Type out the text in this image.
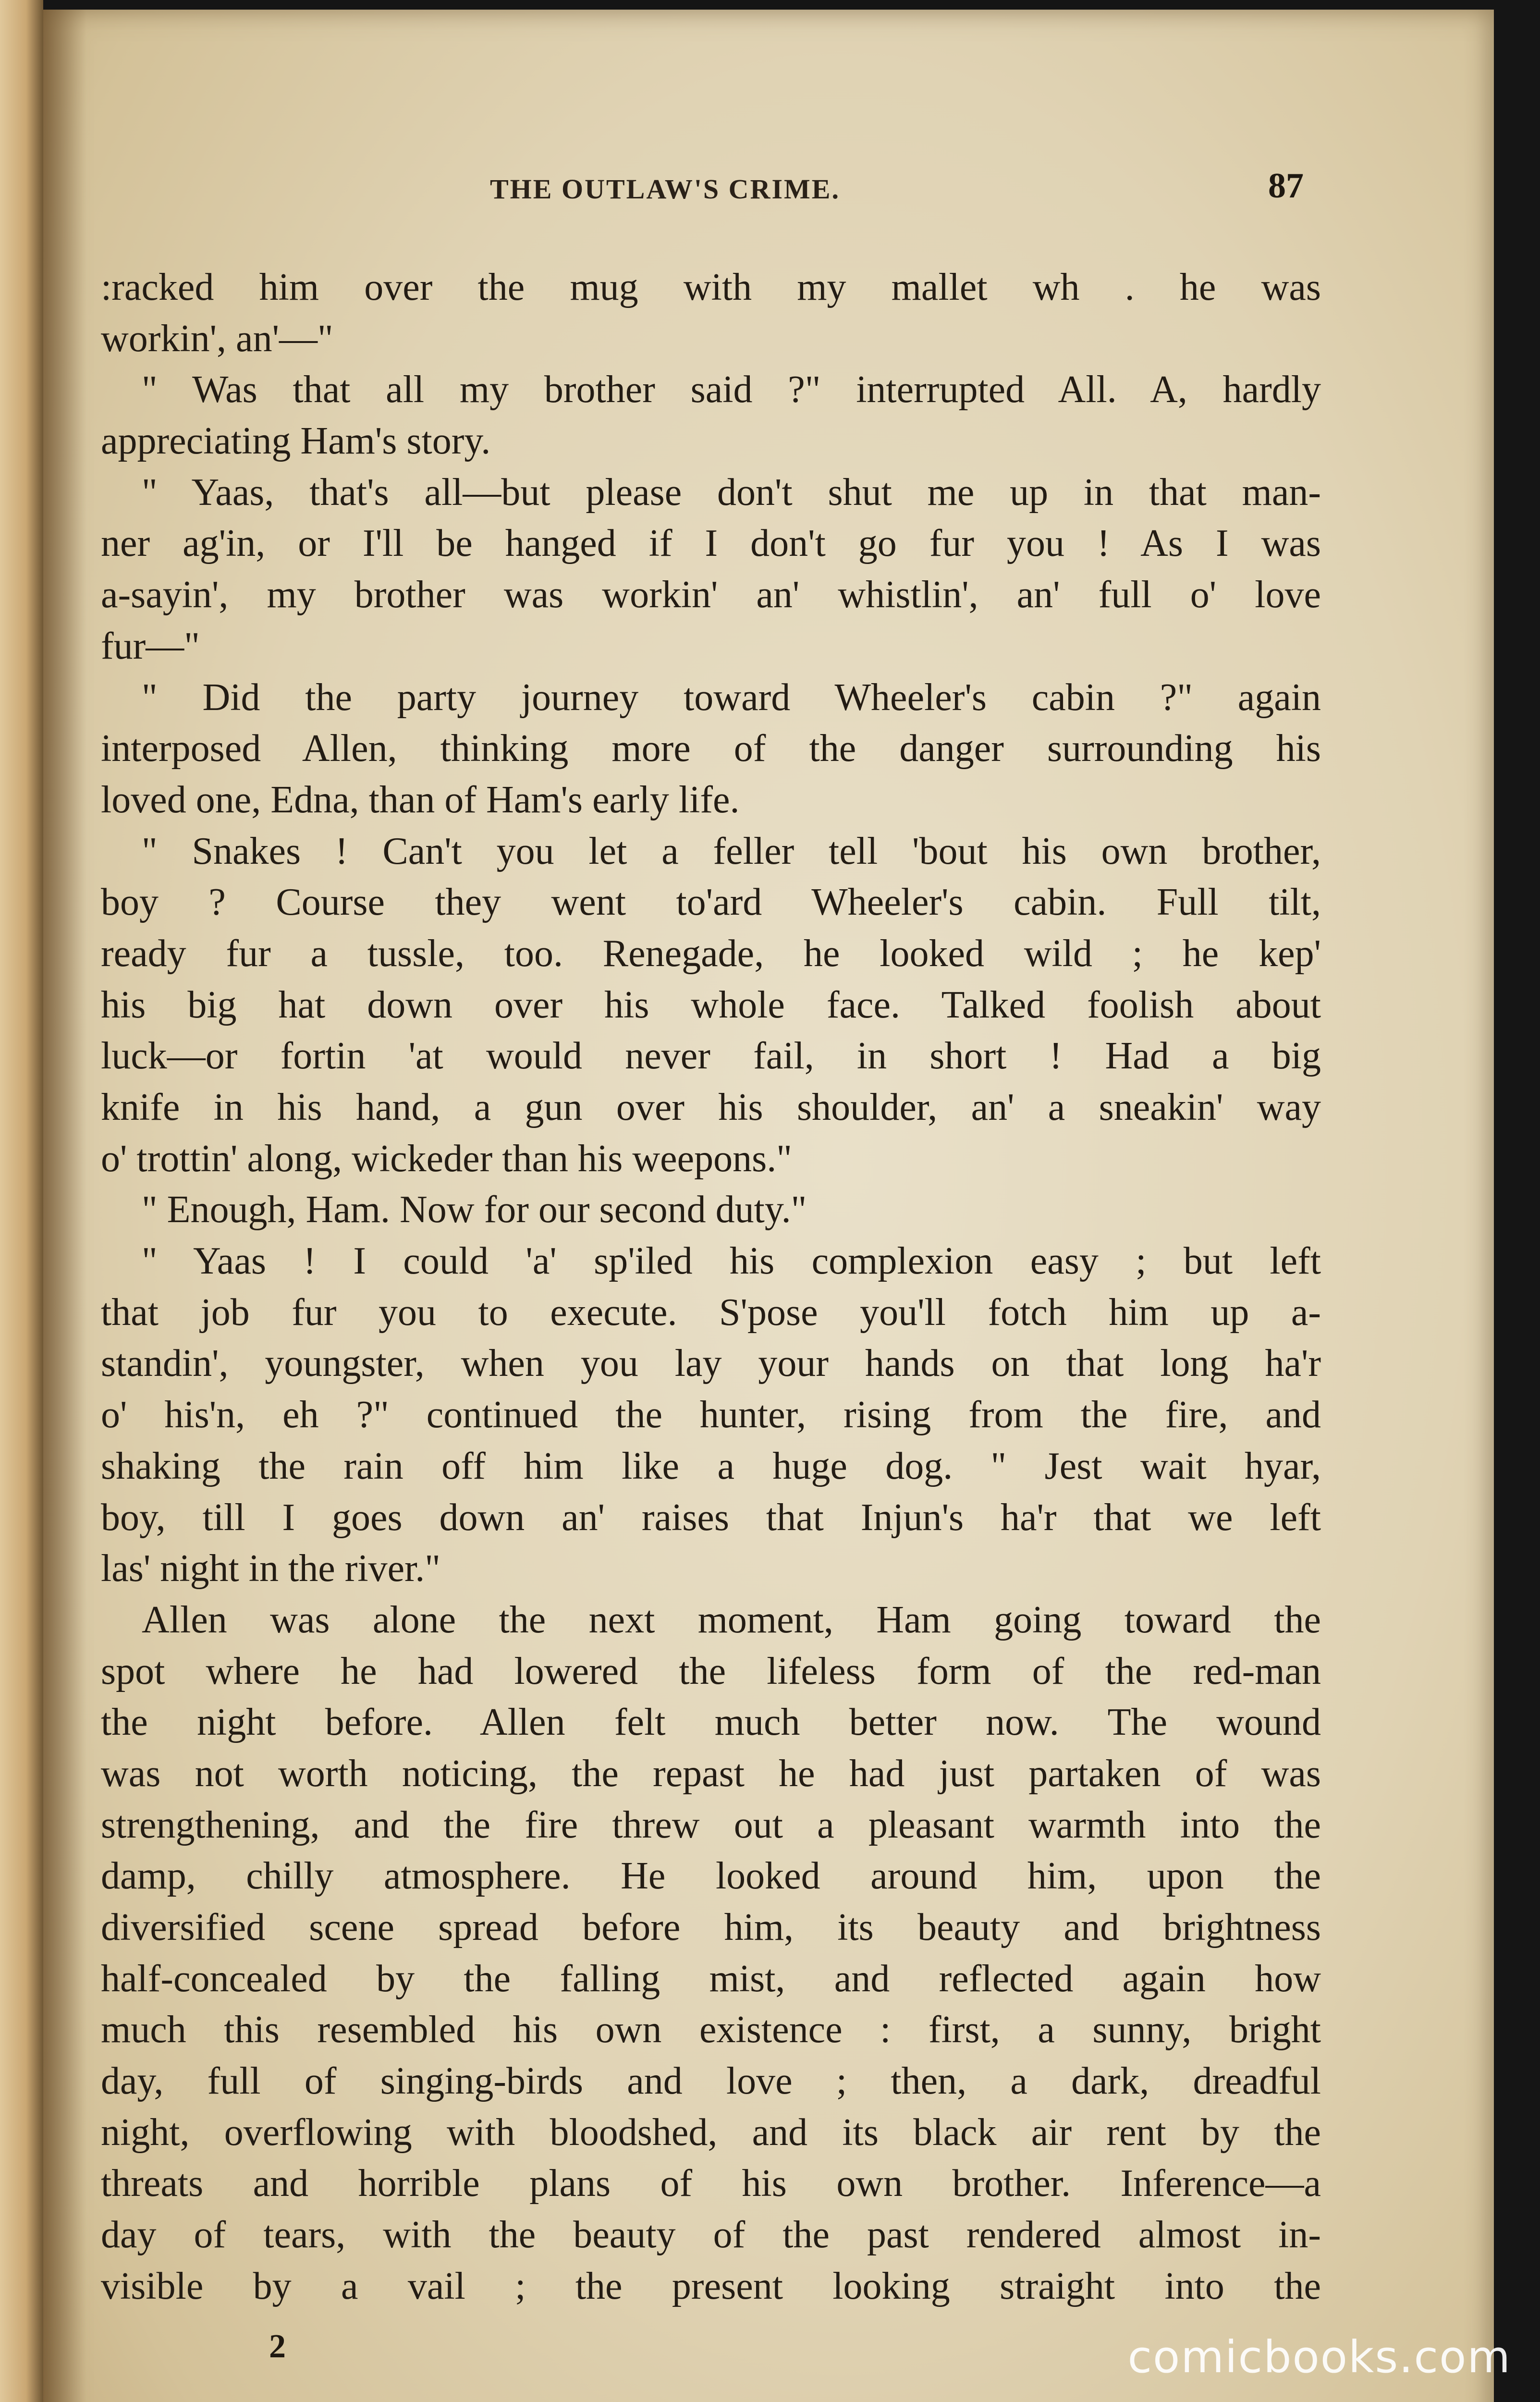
THE OUTLAW'S CRIME.	87
:racked him over the mug with my mallet wh . he was
workin', an'—"
" Was that all my brother said ?" interrupted All. A, hardly
appreciating Ham's story.
" Yaas, that's all—but please don't shut me up in that man-
ner ag'in, or I'll be hanged if I don't go fur you ! As I was
a-sayin', my brother was workin' an' whistlin', an' full o' love
fur—"
" Did the party journey toward Wheeler's cabin ?" again
interposed Allen, thinking more of the danger surrounding his
loved one, Edna, than of Ham's early life.
" Snakes ! Can't you let a feller tell 'bout his own brother,
boy ? Course they went to'ard Wheeler's cabin. Full tilt,
ready fur a tussle, too. Renegade, he looked wild ; he kep'
his big hat down over his whole face. Talked foolish about
luck—or fortin 'at would never fail, in short ! Had a big
knife in his hand, a gun over his shoulder, an' a sneakin' way
o' trottin' along, wickeder than his weepons."
" Enough, Ham. Now for our second duty."
" Yaas ! I could 'a' sp'iled his complexion easy ; but left
that job fur you to execute. S'pose you'll fotch him up a-
standin', youngster, when you lay your hands on that long ha'r
o' his'n, eh ?" continued the hunter, rising from the fire, and
shaking the rain off him like a huge dog. " Jest wait hyar,
boy, till I goes down an' raises that Injun's ha'r that we left
las' night in the river."
Allen was alone the next moment, Ham going toward the
spot where he had lowered the lifeless form of the red-man
the night before. Allen felt much better now. The wound
was not worth noticing, the repast he had just partaken of was
strengthening, and the fire threw out a pleasant warmth into the
damp, chilly atmosphere. He looked around him, upon the
diversified scene spread before him, its beauty and brightness
half-concealed by the falling mist, and reflected again how
much this resembled his own existence : first, a sunny, bright
day, full of singing-birds and love ; then, a dark, dreadful
night, overflowing with bloodshed, and its black air rent by the
threats and horrible plans of his own brother. Inference—a
day of tears, with the beauty of the past rendered almost in-
visible by a vail ; the present looking straight into the
2	comicbooks.com
